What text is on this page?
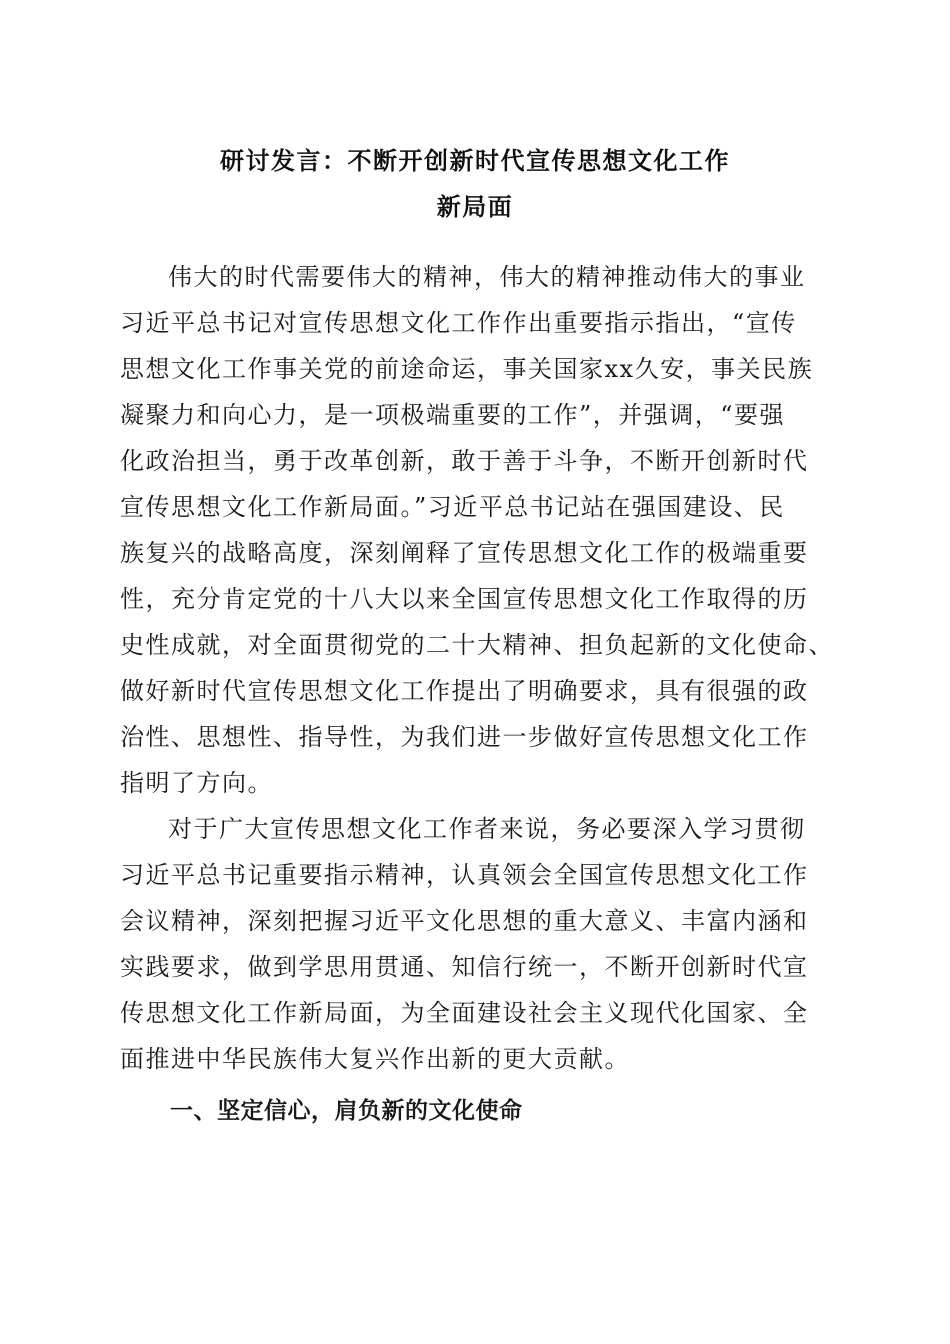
研讨发言：不断开创新时代宣传思想文化工作
新局面
伟大的时代需要伟大的精神，伟大的精神推动伟大的事业
习近平总书记对宣传思想文化工作作出重要指示指出，“宣传
思想文化工作事关党的前途命运，事关国家xx久安，事关民族
凝聚力和向心力，是一项极端重要的工作”，并强调，“要强
化政治担当，勇于改革创新，敢于善于斗争，不断开创新时代
宣传思想文化工作新局面。”习近平总书记站在强国建设、民
族复兴的战略高度，深刻阐释了宣传思想文化工作的极端重要
性，充分肯定党的十八大以来全国宣传思想文化工作取得的历
史性成就，对全面贯彻党的二十大精神、担负起新的文化使命、
做好新时代宣传思想文化工作提出了明确要求，具有很强的政
治性、思想性、指导性，为我们进一步做好宣传思想文化工作
指明了方向。
对于广大宣传思想文化工作者来说，务必要深入学习贯彻
习近平总书记重要指示精神，认真领会全国宣传思想文化工作
会议精神，深刻把握习近平文化思想的重大意义、丰富内涵和
实践要求，做到学思用贯通、知信行统一，不断开创新时代宣
传思想文化工作新局面，为全面建设社会主义现代化国家、全
面推进中华民族伟大复兴作出新的更大贡献。
一、坚定信心，肩负新的文化使命
